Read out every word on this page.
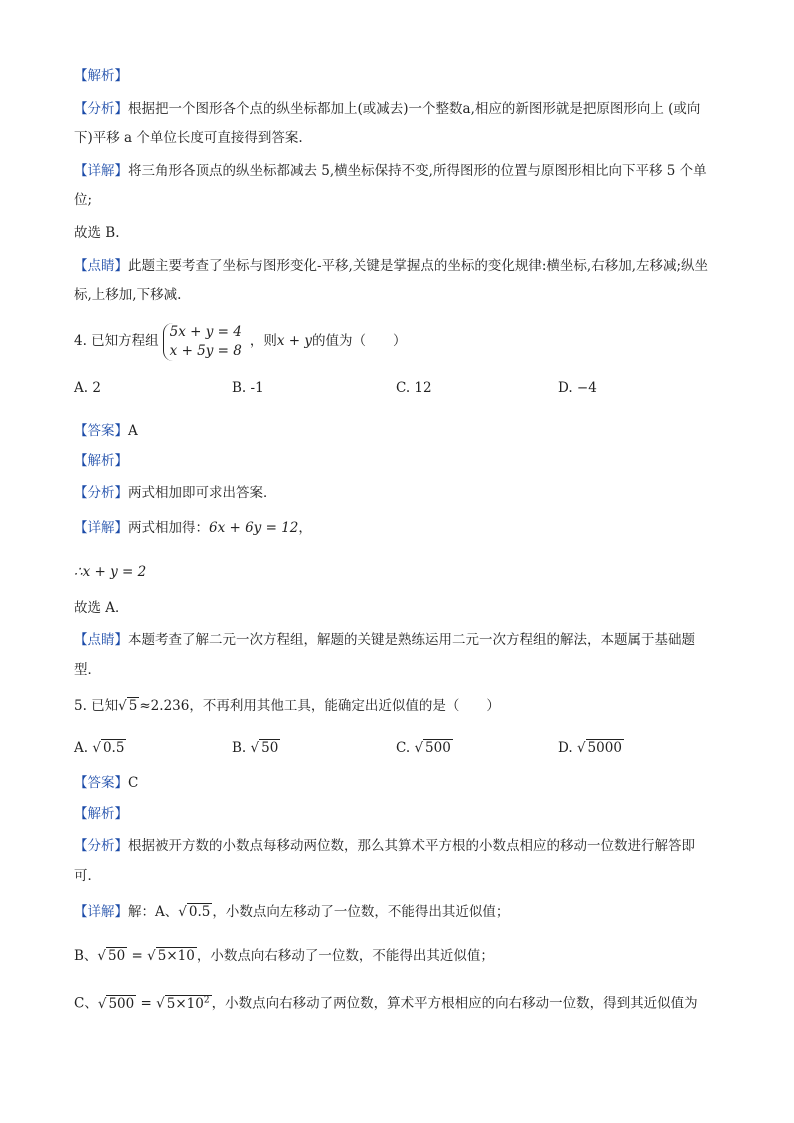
【解析】
【分析】根据把一个图形各个点的纵坐标都加上(或减去)一个整数a,相应的新图形就是把原图形向上 (或向
下)平移 a 个单位长度可直接得到答案.
【详解】将三角形各顶点的纵坐标都减去 5,横坐标保持不变,所得图形的位置与原图形相比向下平移 5 个单
位;
故选 B.
【点睛】此题主要考查了坐标与图形变化-平移,关键是掌握点的坐标的变化规律:横坐标,右移加,左移减;纵坐
标,上移加,下移减.
4. 已知方程组
5x + y = 4
x + 5y = 8
，则x + y的值为（　　）
A. 2	B. -1	C. 12	D. −4
【答案】A
【解析】
【分析】两式相加即可求出答案．
【详解】两式相加得：6x + 6y = 12，
∴x + y = 2
故选 A．
【点睛】本题考查了解二元一次方程组，解题的关键是熟练运用二元一次方程组的解法，本题属于基础题
型．
5. 已知√ 5 ≈2.236，不再利用其他工具，能确定出近似值的是（　　）
A. √ 0.5	B. √ 50	C. √ 500	D. √ 5000
【答案】C
【解析】
【分析】根据被开方数的小数点每移动两位数，那么其算术平方根的小数点相应的移动一位数进行解答即
可．
【详解】解：A、√ 0.5 ，小数点向左移动了一位数，不能得出其近似值；
B、√ 50 = √ 5×10 ，小数点向右移动了一位数，不能得出其近似值；
C、√ 500 = √ $5\times 10^2$ ，小数点向右移动了两位数，算术平方根相应的向右移动一位数，得到其近似值为
